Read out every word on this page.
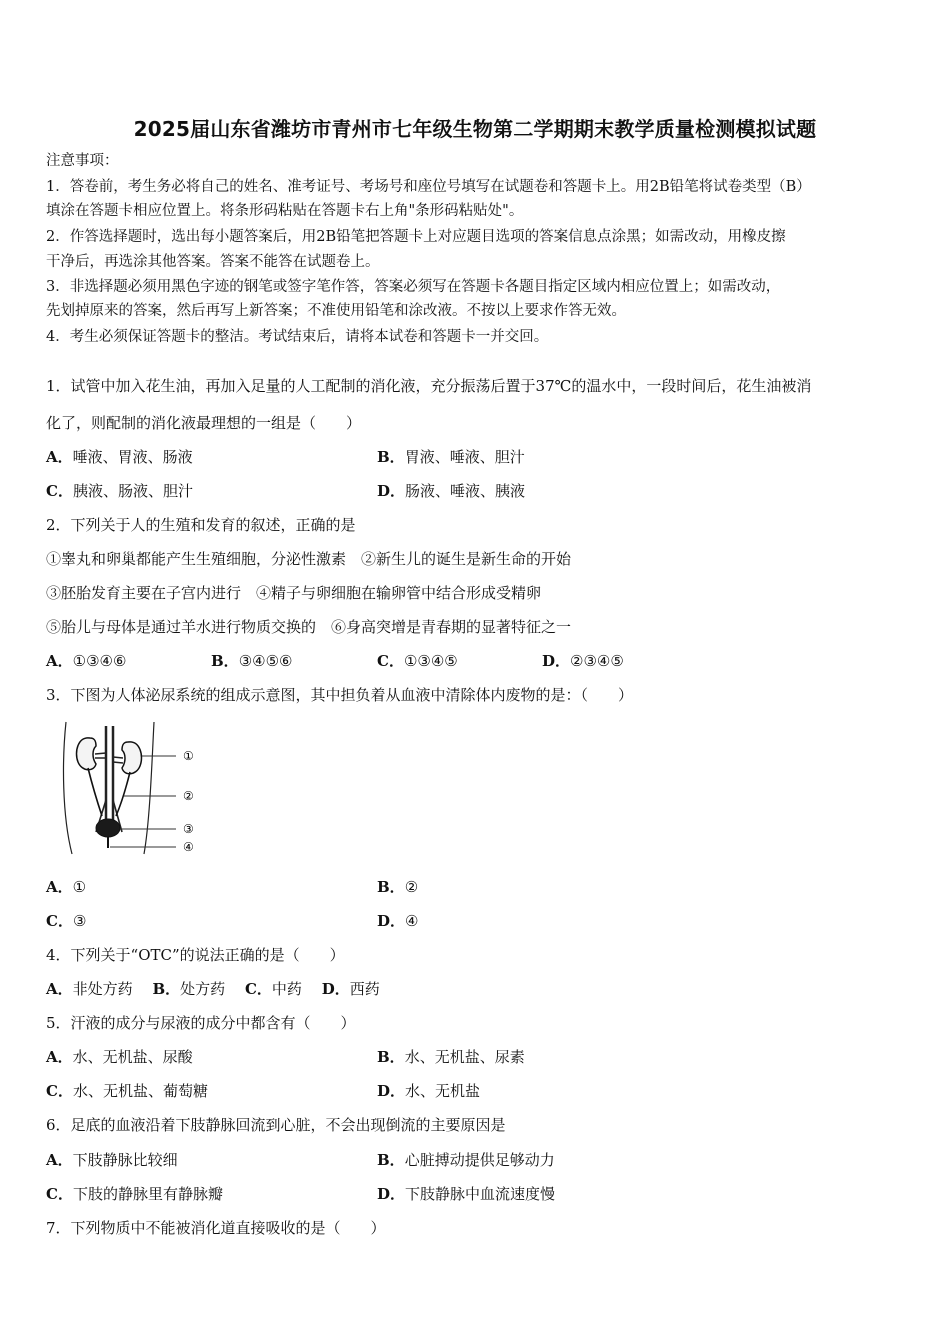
2025届山东省潍坊市青州市七年级生物第二学期期末教学质量检测模拟试题
注意事项：
1．答卷前，考生务必将自己的姓名、准考证号、考场号和座位号填写在试题卷和答题卡上。用2B铅笔将试卷类型（B）
填涂在答题卡相应位置上。将条形码粘贴在答题卡右上角"条形码粘贴处"。
2．作答选择题时，选出每小题答案后，用2B铅笔把答题卡上对应题目选项的答案信息点涂黑；如需改动，用橡皮擦
干净后，再选涂其他答案。答案不能答在试题卷上。
3．非选择题必须用黑色字迹的钢笔或签字笔作答，答案必须写在答题卡各题目指定区域内相应位置上；如需改动，
先划掉原来的答案，然后再写上新答案；不准使用铅笔和涂改液。不按以上要求作答无效。
4．考生必须保证答题卡的整洁。考试结束后，请将本试卷和答题卡一并交回。
1．试管中加入花生油，再加入足量的人工配制的消化液，充分振荡后置于37℃的温水中，一段时间后，花生油被消
化了，则配制的消化液最理想的一组是（　　）
A．唾液、胃液、肠液	B．胃液、唾液、胆汁
C．胰液、肠液、胆汁	D．肠液、唾液、胰液
2．下列关于人的生殖和发育的叙述，正确的是
①睾丸和卵巢都能产生生殖细胞，分泌性激素　②新生儿的诞生是新生命的开始
③胚胎发育主要在子宫内进行　④精子与卵细胞在输卵管中结合形成受精卵
⑤胎儿与母体是通过羊水进行物质交换的　⑥身高突增是青春期的显著特征之一
A．①③④⑥	B．③④⑤⑥	C．①③④⑤	D．②③④⑤
3．下图为人体泌尿系统的组成示意图，其中担负着从血液中清除体内废物的是：（　　）
①
②
③
④
A．①	B．②
C．③	D．④
4．下列关于“OTC”的说法正确的是（　　）
A．非处方药　 B．处方药　 C．中药　 D．西药
5．汗液的成分与尿液的成分中都含有（　　）
A．水、无机盐、尿酸	B．水、无机盐、尿素
C．水、无机盐、葡萄糖	D．水、无机盐
6．足底的血液沿着下肢静脉回流到心脏，不会出现倒流的主要原因是
A．下肢静脉比较细	B．心脏搏动提供足够动力
C．下肢的静脉里有静脉瓣	D．下肢静脉中血流速度慢
7．下列物质中不能被消化道直接吸收的是（　　）
